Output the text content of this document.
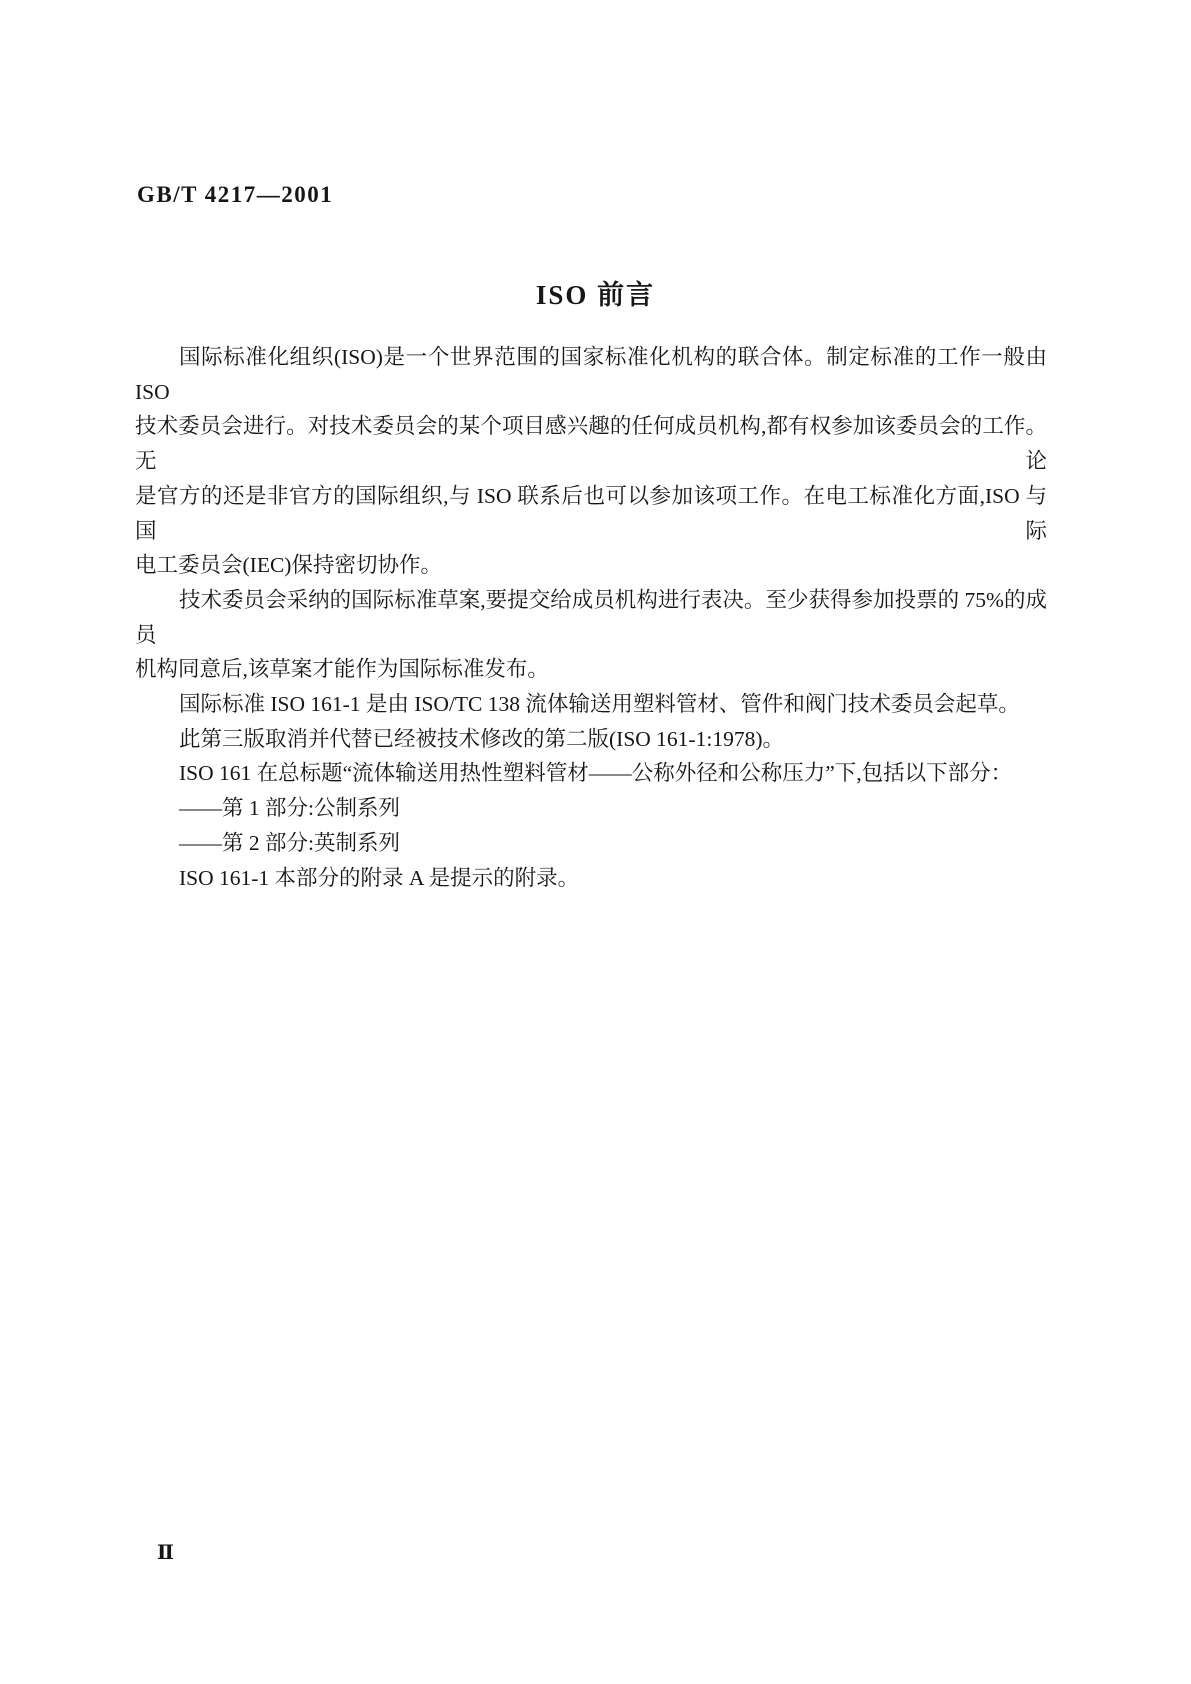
GB/T 4217—2001
ISO 前言
国际标准化组织(ISO)是一个世界范围的国家标准化机构的联合体。制定标准的工作一般由 ISO
技术委员会进行。对技术委员会的某个项目感兴趣的任何成员机构,都有权参加该委员会的工作。无论
是官方的还是非官方的国际组织,与 ISO 联系后也可以参加该项工作。在电工标准化方面,ISO 与国际
电工委员会(IEC)保持密切协作。
技术委员会采纳的国际标准草案,要提交给成员机构进行表决。至少获得参加投票的 75%的成员
机构同意后,该草案才能作为国际标准发布。
国际标准 ISO 161-1 是由 ISO/TC 138 流体输送用塑料管材、管件和阀门技术委员会起草。
此第三版取消并代替已经被技术修改的第二版(ISO 161-1:1978)。
ISO 161 在总标题“流体输送用热性塑料管材——公称外径和公称压力”下,包括以下部分：
——第 1 部分:公制系列
——第 2 部分:英制系列
ISO 161-1 本部分的附录 A 是提示的附录。
Ⅱ
